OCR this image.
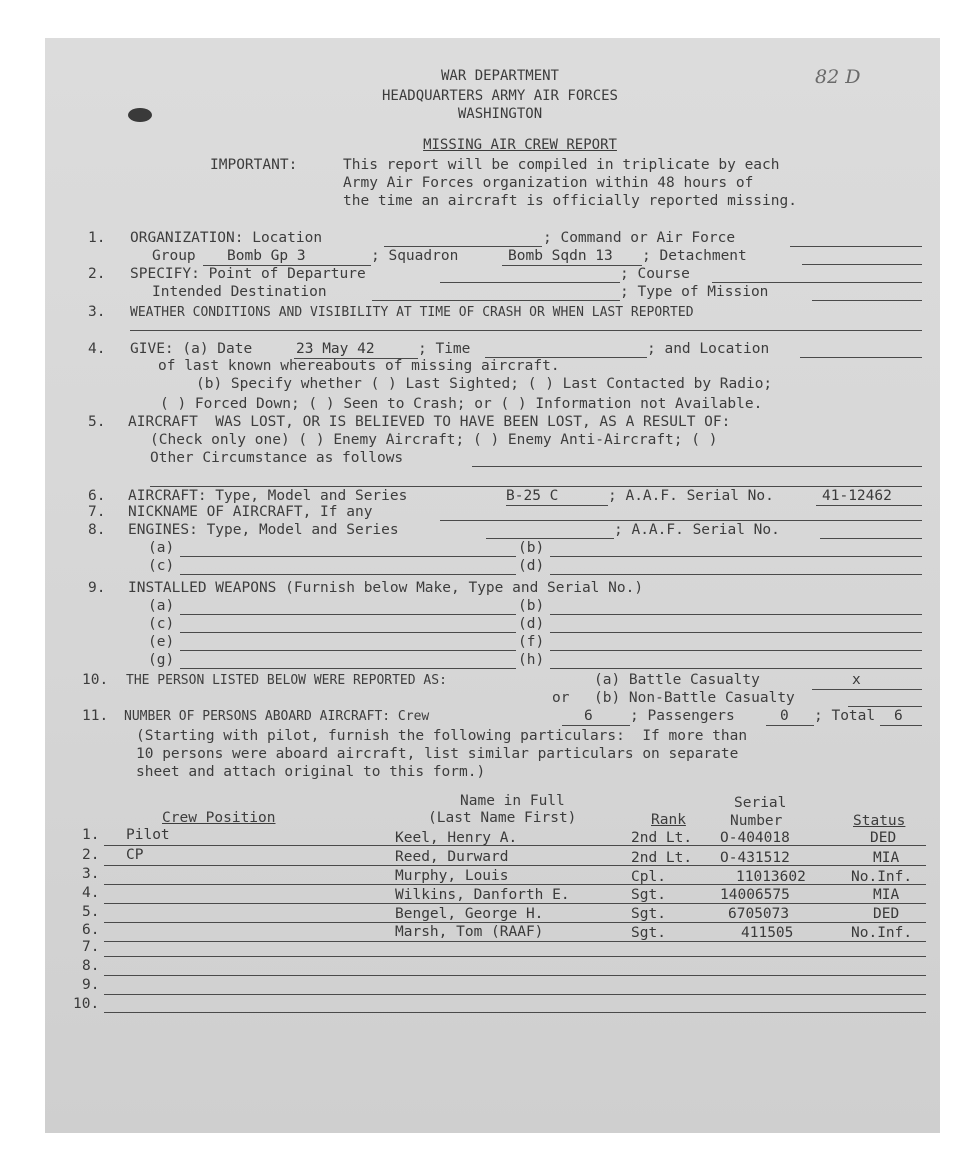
82 D
WAR DEPARTMENT
HEADQUARTERS ARMY AIR FORCES
WASHINGTON
MISSING AIR CREW REPORT
IMPORTANT:	This report will be compiled in triplicate by each
Army Air Forces organization within 48 hours of
the time an aircraft is officially reported missing.
1. ORGANIZATION: Location	; Command or Air Force
Group	Bomb Gp 3	; Squadron	Bomb Sqdn 13	; Detachment
2. SPECIFY: Point of Departure	; Course
Intended Destination	; Type of Mission
3. WEATHER CONDITIONS AND VISIBILITY AT TIME OF CRASH OR WHEN LAST REPORTED
4. GIVE: (a) Date	23 May 42	; Time	; and Location
of last known whereabouts of missing aircraft.
(b) Specify whether ( ) Last Sighted; ( ) Last Contacted by Radio;
( ) Forced Down; ( ) Seen to Crash; or ( ) Information not Available.
5. AIRCRAFT  WAS LOST, OR IS BELIEVED TO HAVE BEEN LOST, AS A RESULT OF:
(Check only one) ( ) Enemy Aircraft; ( ) Enemy Anti-Aircraft; ( )
Other Circumstance as follows
6. AIRCRAFT: Type, Model and Series	B-25 C	; A.A.F. Serial No.	41-12462
7. NICKNAME OF AIRCRAFT, If any
8. ENGINES: Type, Model and Series	; A.A.F. Serial No.
(a)	(b)
(c)	(d)
9. INSTALLED WEAPONS (Furnish below Make, Type and Serial No.)
(a)	(b)
(c)	(d)
(e)	(f)
(g)	(h)
10. THE PERSON LISTED BELOW WERE REPORTED AS:	(a) Battle Casualty	x
or (b) Non-Battle Casualty
11. NUMBER OF PERSONS ABOARD AIRCRAFT: Crew	6	; Passengers	0	; Total	6
(Starting with pilot, furnish the following particulars:  If more than
10 persons were aboard aircraft, list similar particulars on separate
sheet and attach original to this form.)
Crew Position
Name in Full
(Last Name First)	Rank
Serial
Number	Status
1. Pilot	Keel, Henry A.	2nd Lt. O-404018	DED
2. CP	Reed, Durward	2nd Lt. O-431512	MIA
3.	Murphy, Louis	Cpl.	11013602	No.Inf.
4.	Wilkins, Danforth E.	Sgt.	14006575	MIA
5.	Bengel, George H.	Sgt.	6705073	DED
6.	Marsh, Tom (RAAF)	Sgt.	411505	No.Inf.
7.
8.
9.
10.
